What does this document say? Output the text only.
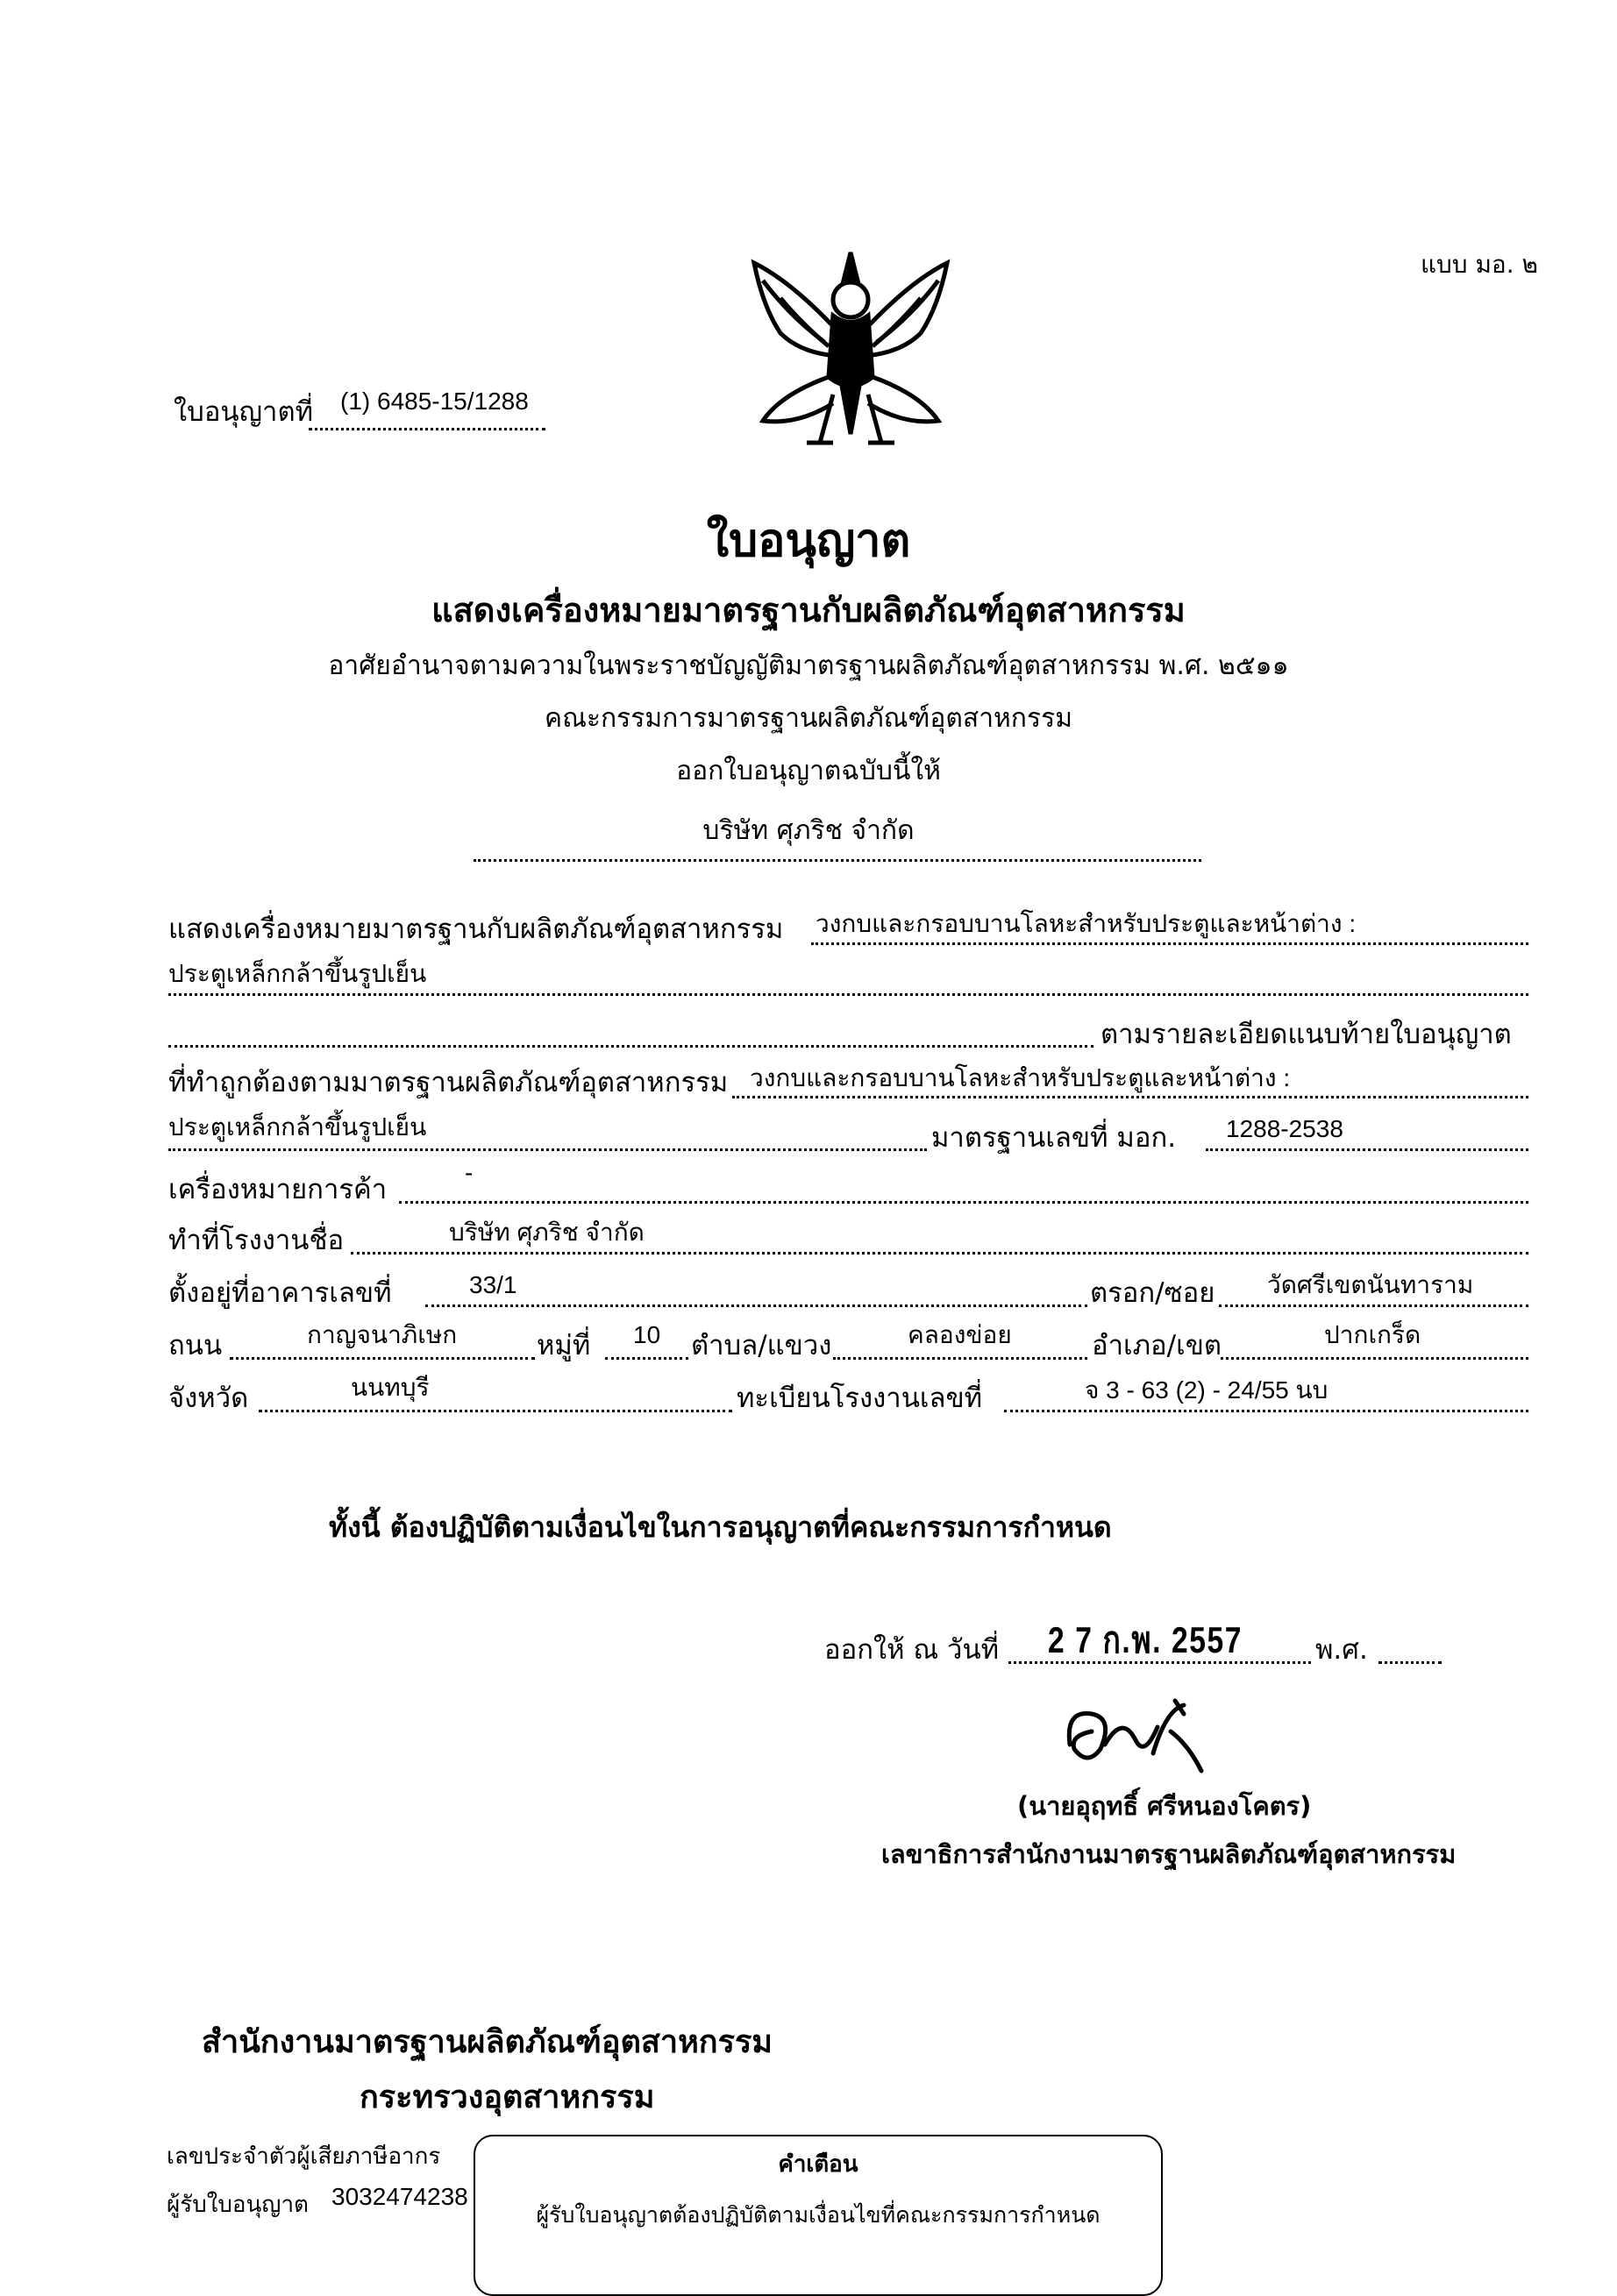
แบบ มอ. ๒
ใบอนุญาตที่ (1) 6485-15/1288
ใบอนุญาต
แสดงเครื่องหมายมาตรฐานกับผลิตภัณฑ์อุตสาหกรรม
อาศัยอำนาจตามความในพระราชบัญญัติมาตรฐานผลิตภัณฑ์อุตสาหกรรม พ.ศ. ๒๕๑๑
คณะกรรมการมาตรฐานผลิตภัณฑ์อุตสาหกรรม
ออกใบอนุญาตฉบับนี้ให้
บริษัท ศุภริช จำกัด
แสดงเครื่องหมายมาตรฐานกับผลิตภัณฑ์อุตสาหกรรม วงกบและกรอบบานโลหะสำหรับประตูและหน้าต่าง :
ประตูเหล็กกล้าขึ้นรูปเย็น
ตามรายละเอียดแนบท้ายใบอนุญาต
ที่ทำถูกต้องตามมาตรฐานผลิตภัณฑ์อุตสาหกรรม วงกบและกรอบบานโลหะสำหรับประตูและหน้าต่าง :
ประตูเหล็กกล้าขึ้นรูปเย็น	มาตรฐานเลขที่ มอก. 1288-2538
เครื่องหมายการค้า
-
ทำที่โรงงานชื่อ	บริษัท ศุภริช จำกัด
ตั้งอยู่ที่อาคารเลขที่	33/1	ตรอก/ซอย วัดศรีเขตนันทาราม
ถนน	กาญจนาภิเษก	หมู่ที่ 10 ตำบล/แขวง	คลองข่อย	อำเภอ/เขต	ปากเกร็ด
จังหวัด	นนทบุรี	ทะเบียนโรงงานเลขที่	จ 3 - 63 (2) - 24/55 นบ
ทั้งนี้ ต้องปฏิบัติตามเงื่อนไขในการอนุญาตที่คณะกรรมการกำหนด
ออกให้ ณ วันที่ 2 7 ก.พ. 2557	พ.ศ.
(นายอุฤทธิ์ ศรีหนองโคตร)
เลขาธิการสำนักงานมาตรฐานผลิตภัณฑ์อุตสาหกรรม
สำนักงานมาตรฐานผลิตภัณฑ์อุตสาหกรรม
กระทรวงอุตสาหกรรม
เลขประจำตัวผู้เสียภาษีอากร
ผู้รับใบอนุญาต 3032474238
คำเตือน
ผู้รับใบอนุญาตต้องปฏิบัติตามเงื่อนไขที่คณะกรรมการกำหนด
